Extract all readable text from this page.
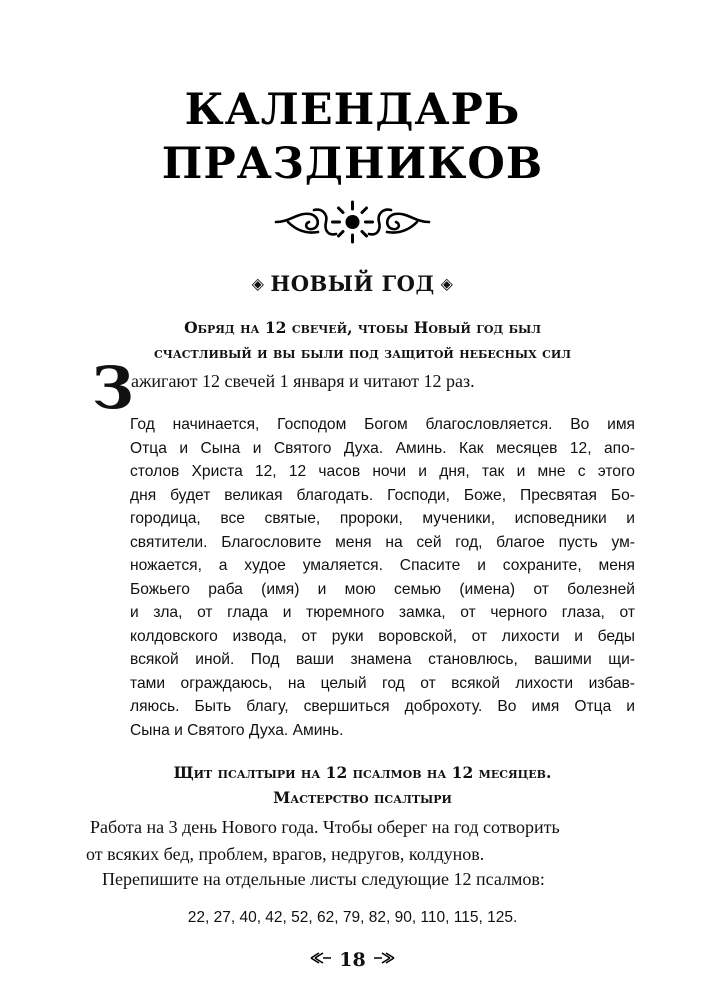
КАЛЕНДАРЬ
ПРАЗДНИКОВ
◈ НОВЫЙ ГОД ◈
Обряд на 12 свечей, чтобы Новый год был
счастливый и вы были под защитой небесных сил
З
ажигают 12 свечей 1 января и читают 12 раз.
Год начинается, Господом Богом благословляется. Во имя
Отца и Сына и Святого Духа. Аминь. Как месяцев 12, апо-
столов Христа 12, 12 часов ночи и дня, так и мне с этого
дня будет великая благодать. Господи, Боже, Пресвятая Бо-
городица, все святые, пророки, мученики, исповедники и
святители. Благословите меня на сей год, благое пусть ум-
ножается, а худое умаляется. Спасите и сохраните, меня
Божьего раба (имя) и мою семью (имена) от болезней
и зла, от глада и тюремного замка, от черного глаза, от
колдовского извода, от руки воровской, от лихости и беды
всякой иной. Под ваши знамена становлюсь, вашими щи-
тами ограждаюсь, на целый год от всякой лихости избав-
ляюсь. Быть благу, свершиться доброхоту. Во имя Отца и
Сына и Святого Духа. Аминь.
Щит псалтыри на 12 псалмов на 12 месяцев.
Мастерство псалтыри
Работа на 3 день Нового года. Чтобы оберег на год сотворить
от всяких бед, проблем, врагов, недругов, колдунов.
Перепишите на отдельные листы следующие 12 псалмов:
22, 27, 40, 42, 52, 62, 79, 82, 90, 110, 115, 125.
18
